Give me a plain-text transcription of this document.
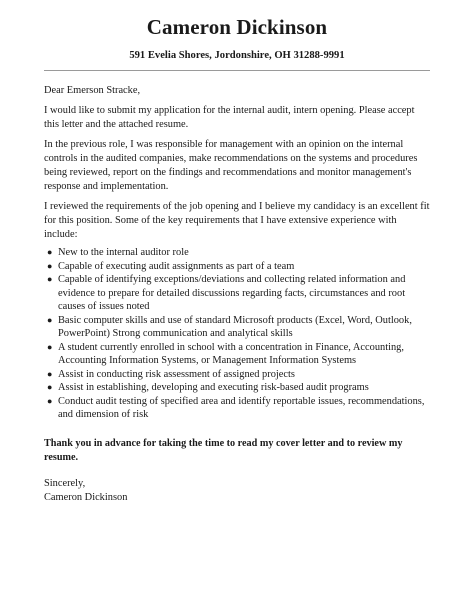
Cameron Dickinson
591 Evelia Shores, Jordonshire, OH 31288-9991
Dear Emerson Stracke,

I would like to submit my application for the internal audit, intern opening. Please accept this letter and the attached resume.

In the previous role, I was responsible for management with an opinion on the internal controls in the audited companies, make recommendations on the systems and procedures being reviewed, report on the findings and recommendations and monitor management's response and implementation.

I reviewed the requirements of the job opening and I believe my candidacy is an excellent fit for this position. Some of the key requirements that I have extensive experience with include:

● New to the internal auditor role
● Capable of executing audit assignments as part of a team
● Capable of identifying exceptions/deviations and collecting related information and evidence to prepare for detailed discussions regarding facts, circumstances and root causes of issues noted
● Basic computer skills and use of standard Microsoft products (Excel, Word, Outlook, PowerPoint) Strong communication and analytical skills
● A student currently enrolled in school with a concentration in Finance, Accounting, Accounting Information Systems, or Management Information Systems
● Assist in conducting risk assessment of assigned projects
● Assist in establishing, developing and executing risk-based audit programs
● Conduct audit testing of specified area and identify reportable issues, recommendations, and dimension of risk
Thank you in advance for taking the time to read my cover letter and to review my resume.
Sincerely,
Cameron Dickinson
